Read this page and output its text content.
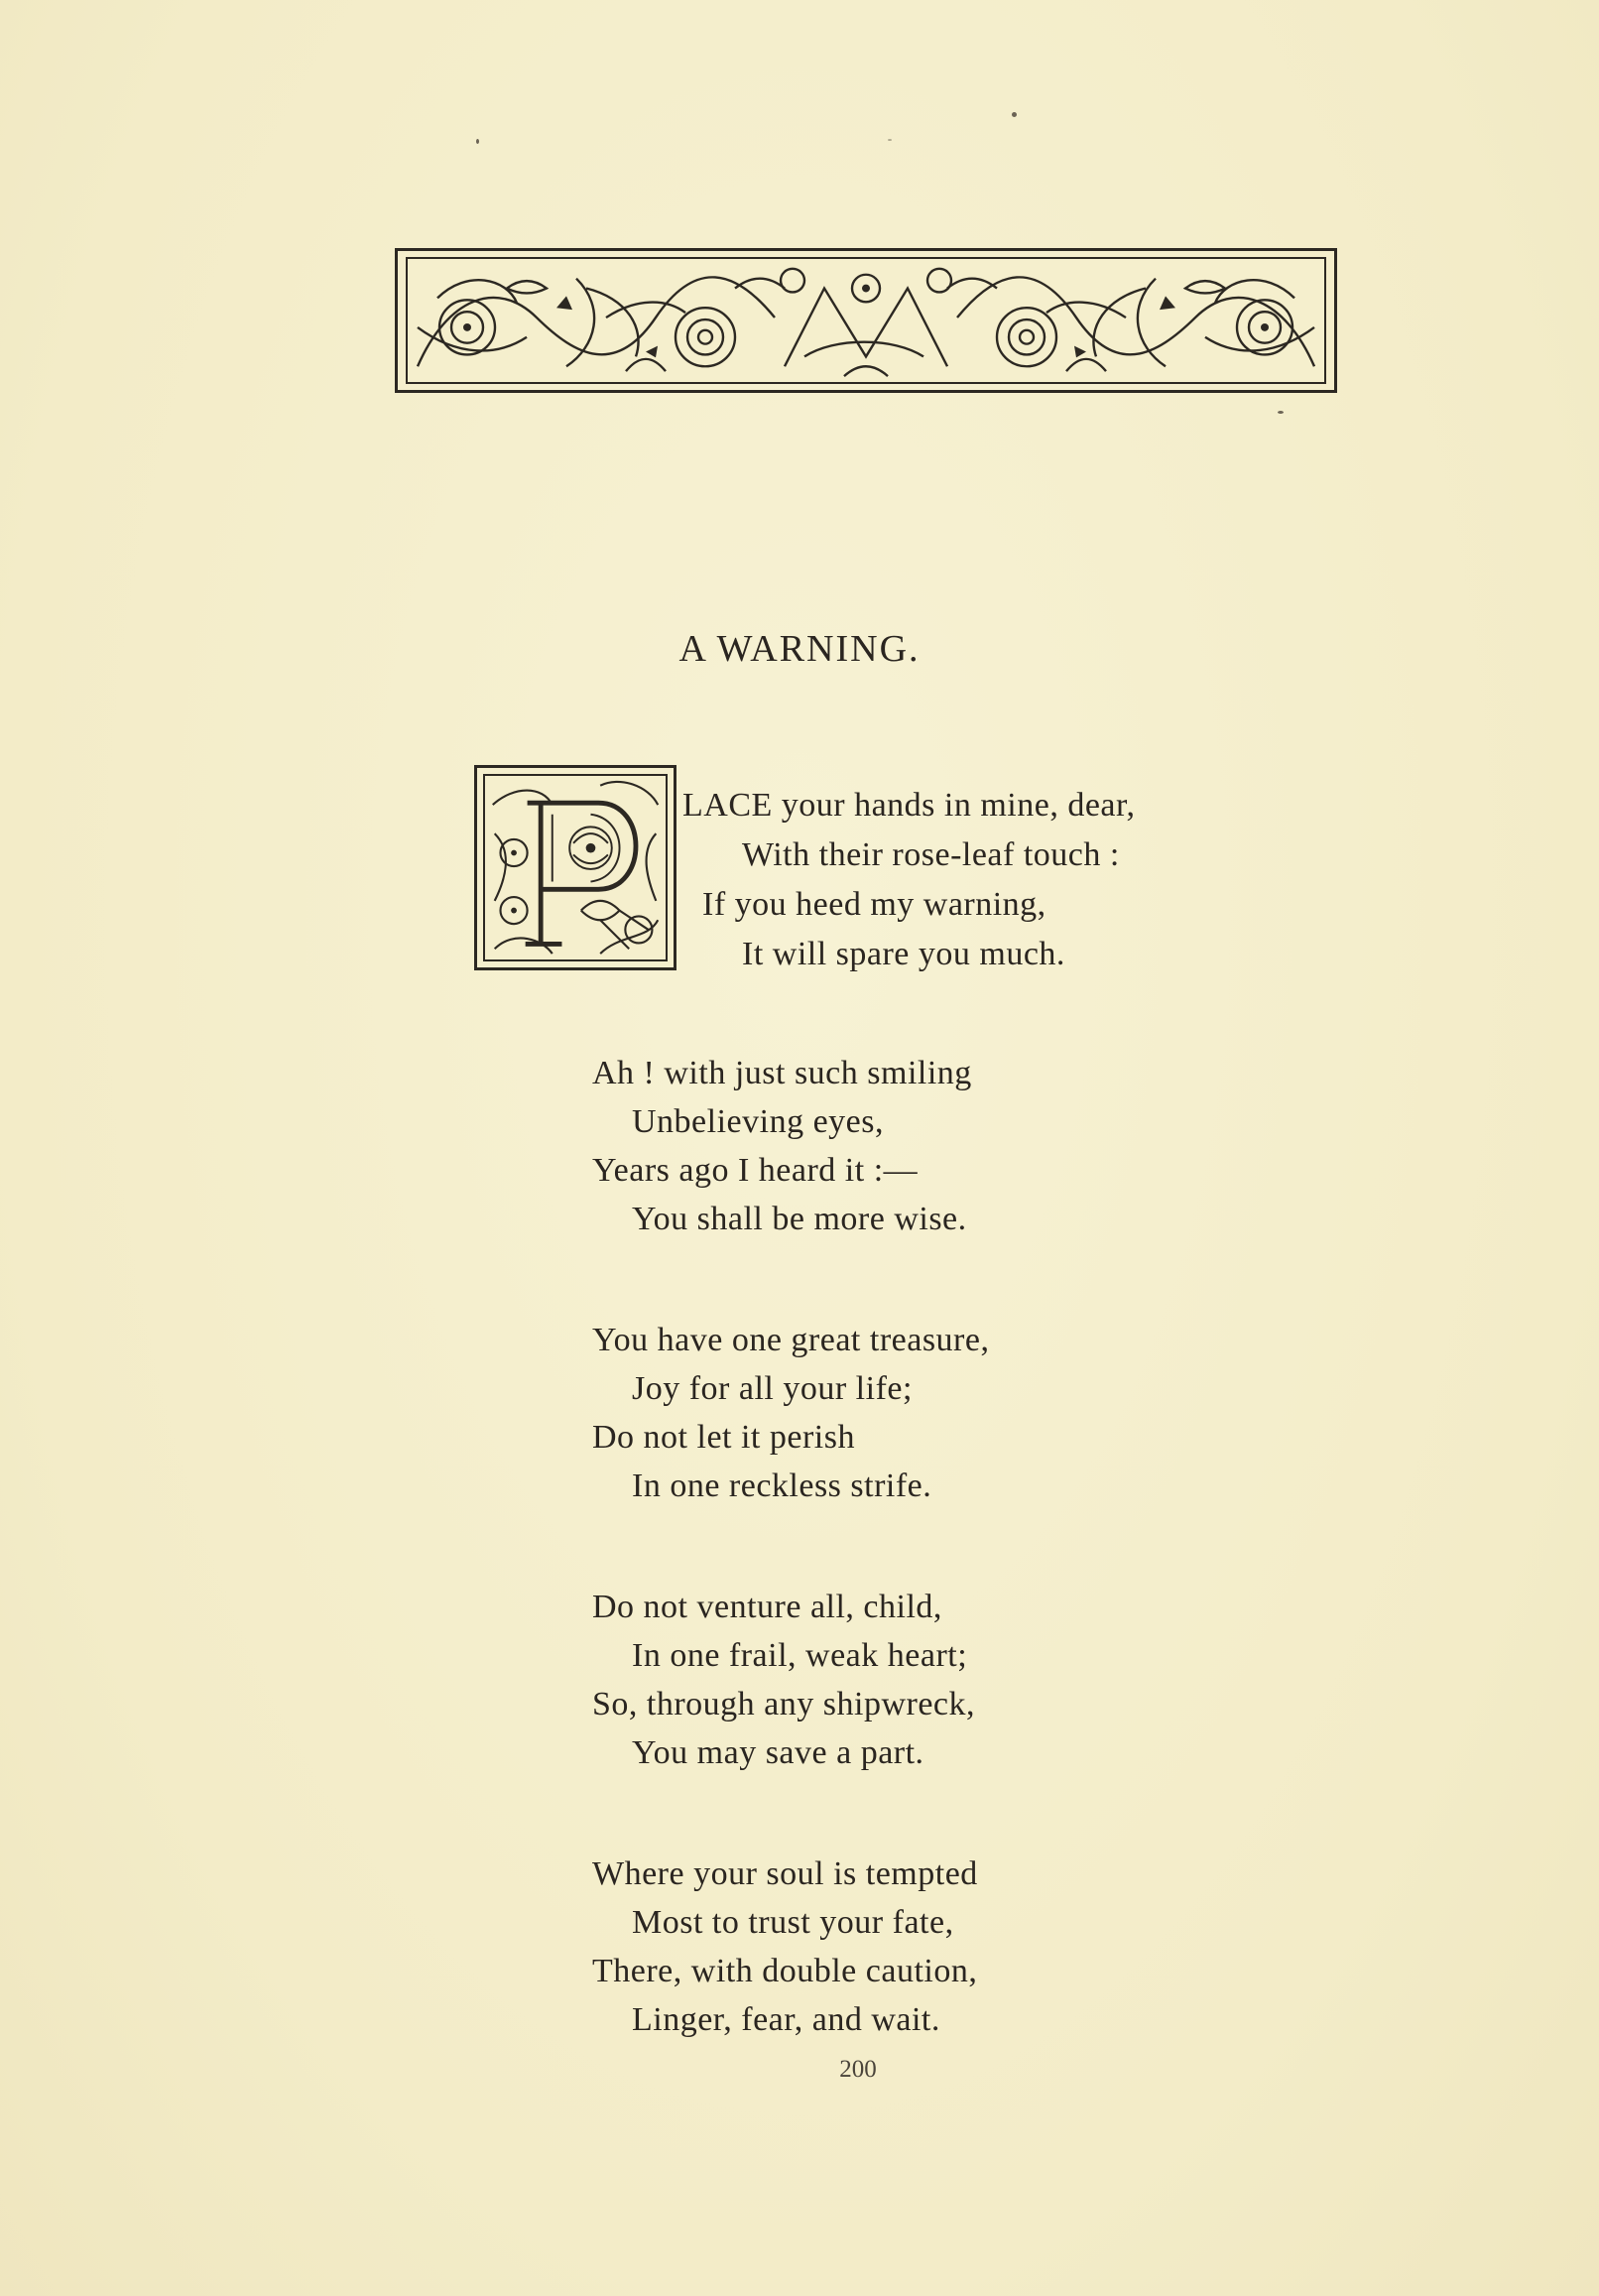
A WARNING.
LACE your hands in mine, dear,
With their rose-leaf touch :
If you heed my warning,
It will spare you much.
Ah ! with just such smiling
Unbelieving eyes,
Years ago I heard it :—
You shall be more wise.
You have one great treasure,
Joy for all your life;
Do not let it perish
In one reckless strife.
Do not venture all, child,
In one frail, weak heart;
So, through any shipwreck,
You may save a part.
Where your soul is tempted
Most to trust your fate,
There, with double caution,
Linger, fear, and wait.
200
